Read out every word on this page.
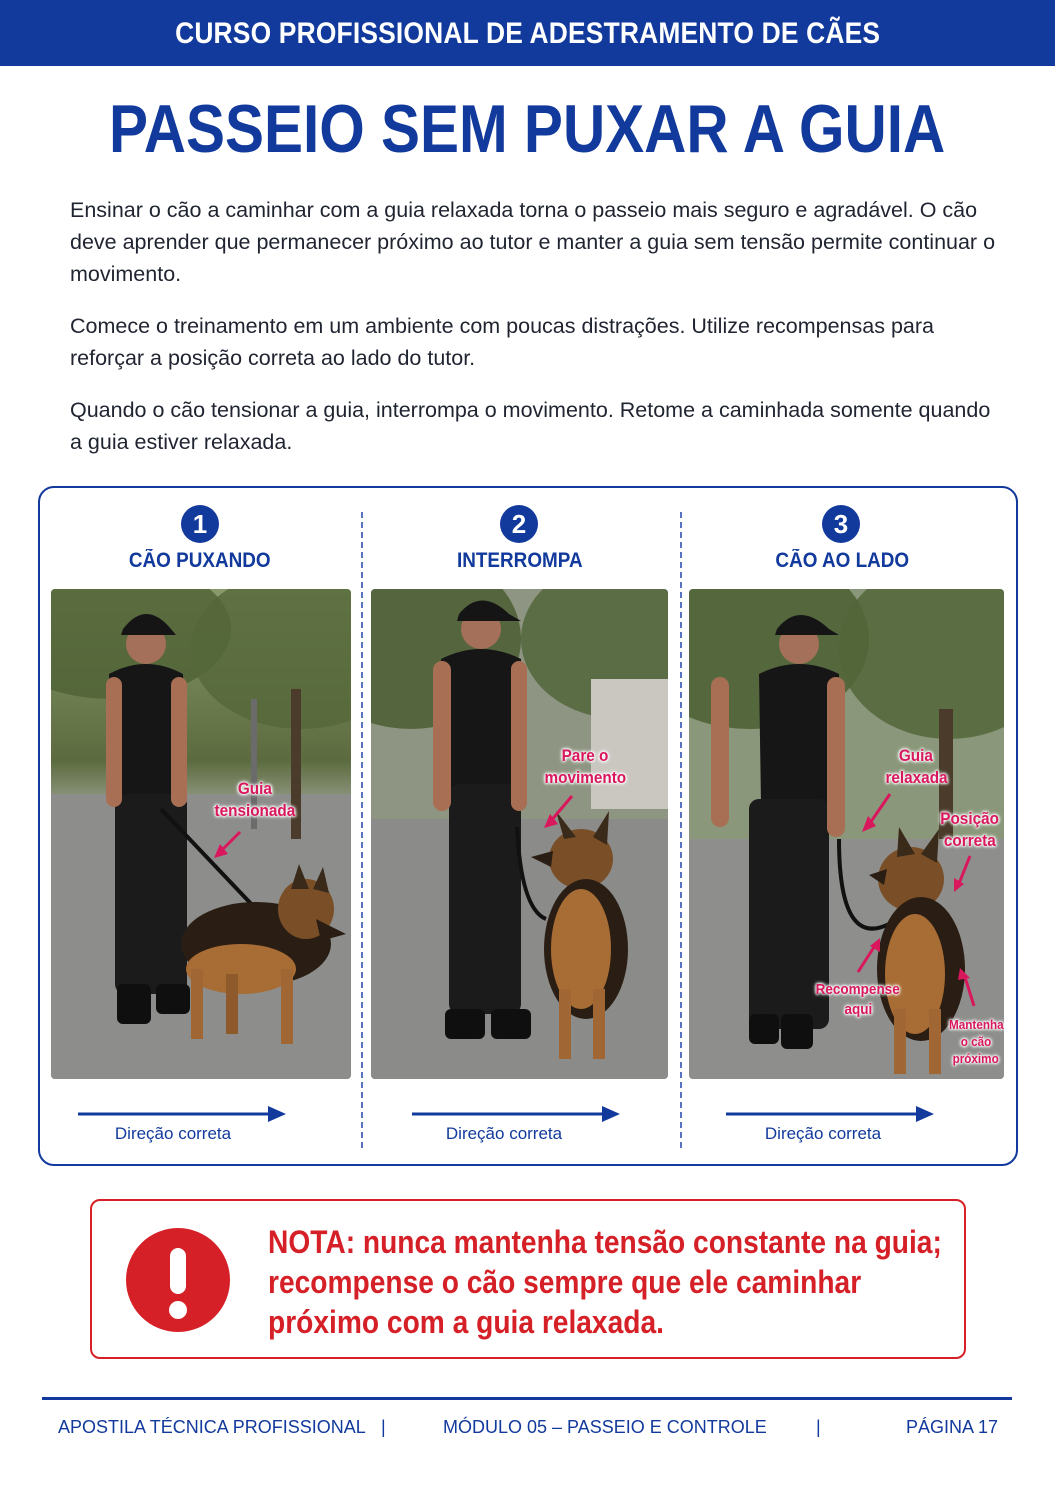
CURSO PROFISSIONAL DE ADESTRAMENTO DE CÃES
PASSEIO SEM PUXAR A GUIA

Ensinar o cão a caminhar com a guia relaxada torna o passeio mais seguro e agradável. O cão deve aprender que permanecer próximo ao tutor e manter a guia sem tensão permite continuar o movimento.

Comece o treinamento em um ambiente com poucas distrações. Utilize recompensas para reforçar a posição correta ao lado do tutor.

Quando o cão tensionar a guia, interrompa o movimento. Retome a caminhada somente quando a guia estiver relaxada.

1
CÃO PUXANDO
Guia
tensionada
Direção correta
2
INTERROMPA
Pare o
movimento
Direção correta
3
CÃO AO LADO
Guia
relaxada
Posição
correta
Recompense
aqui
Mantenha
o cão
próximo
Direção correta
NOTA: nunca mantenha tensão constante na guia;
recompense o cão sempre que ele caminhar
próximo com a guia relaxada.
APOSTILA TÉCNICA PROFISSIONAL |	MÓDULO 05 – PASSEIO E CONTROLE	|	PÁGINA 17
